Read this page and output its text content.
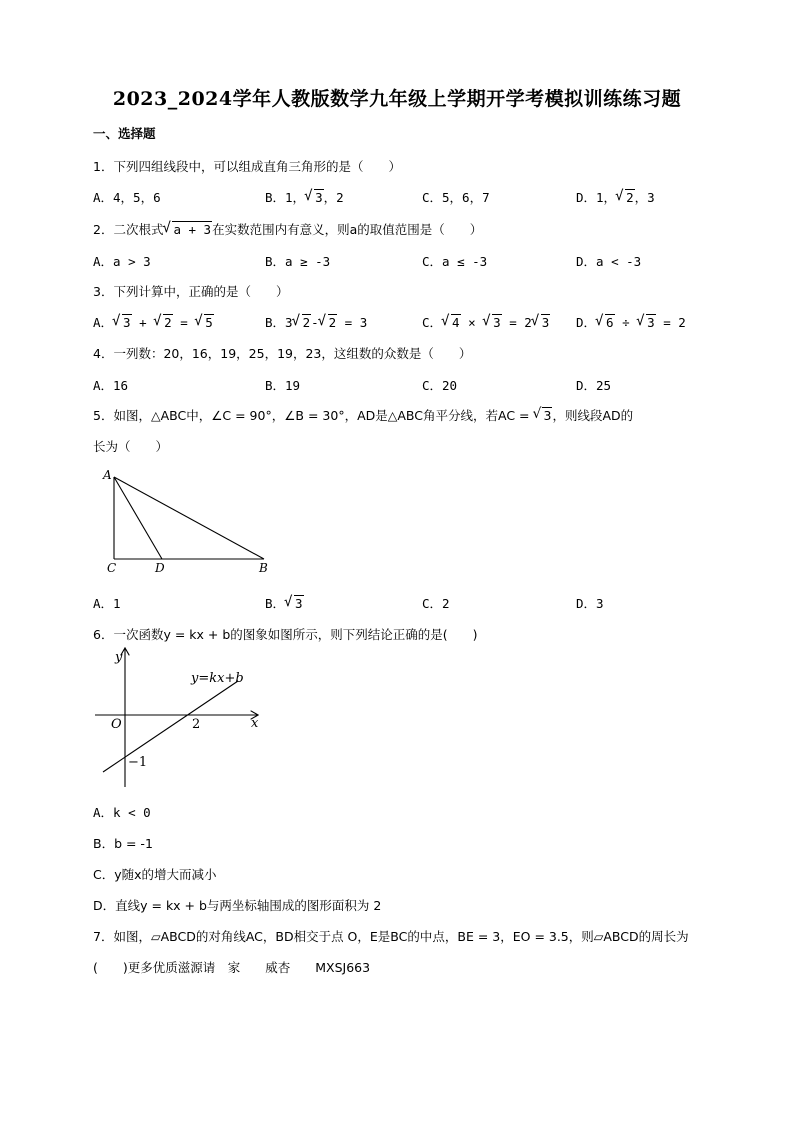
2023_2024学年人教版数学九年级上学期开学考模拟训练练习题
一、选择题
1．下列四组线段中，可以组成直角三角形的是（　　）
A．4，5，6	B．1， √ 3，2	C．5，6，7	D．1， √ 2，3
2．二次根式 √ a + 3在实数范围内有意义，则a的取值范围是（　　）
A．a > 3	B．a ≥ -3	C．a ≤ -3	D．a < -3
3．下列计算中，正确的是（　　）
A． √ 3 + √ 2 = √ 5	B．3 √ 2- √ 2 = 3	C． √ 4 × √ 3 = 2 √ 3 D． √ 6 ÷ √ 3 = 2
4．一列数：20，16，19，25，19，23，这组数的众数是（　　）
A．16	B．19	C．20	D．25
5．如图，△ABC中，∠C = 90°，∠B = 30°，AD是△ABC角平分线，若AC = √ 3，则线段AD的
长为（　　）
A
C	D	B
A．1	B． √ 3	C．2	D．3
6．一次函数y = kx + b的图象如图所示，则下列结论正确的是(　　)
y
x
O	2
−1
y=kx+b
A．k < 0
B．b = -1
C．y随x的增大而减小
D．直线y = kx + b与两坐标轴围成的图形面积为 2
7．如图，▱ABCD的对角线AC，BD相交于点 O，E是BC的中点，BE = 3，EO = 3.5，则▱ABCD的周长为
(　　)更多优质滋源请　家　　威杏　　MXSJ663
